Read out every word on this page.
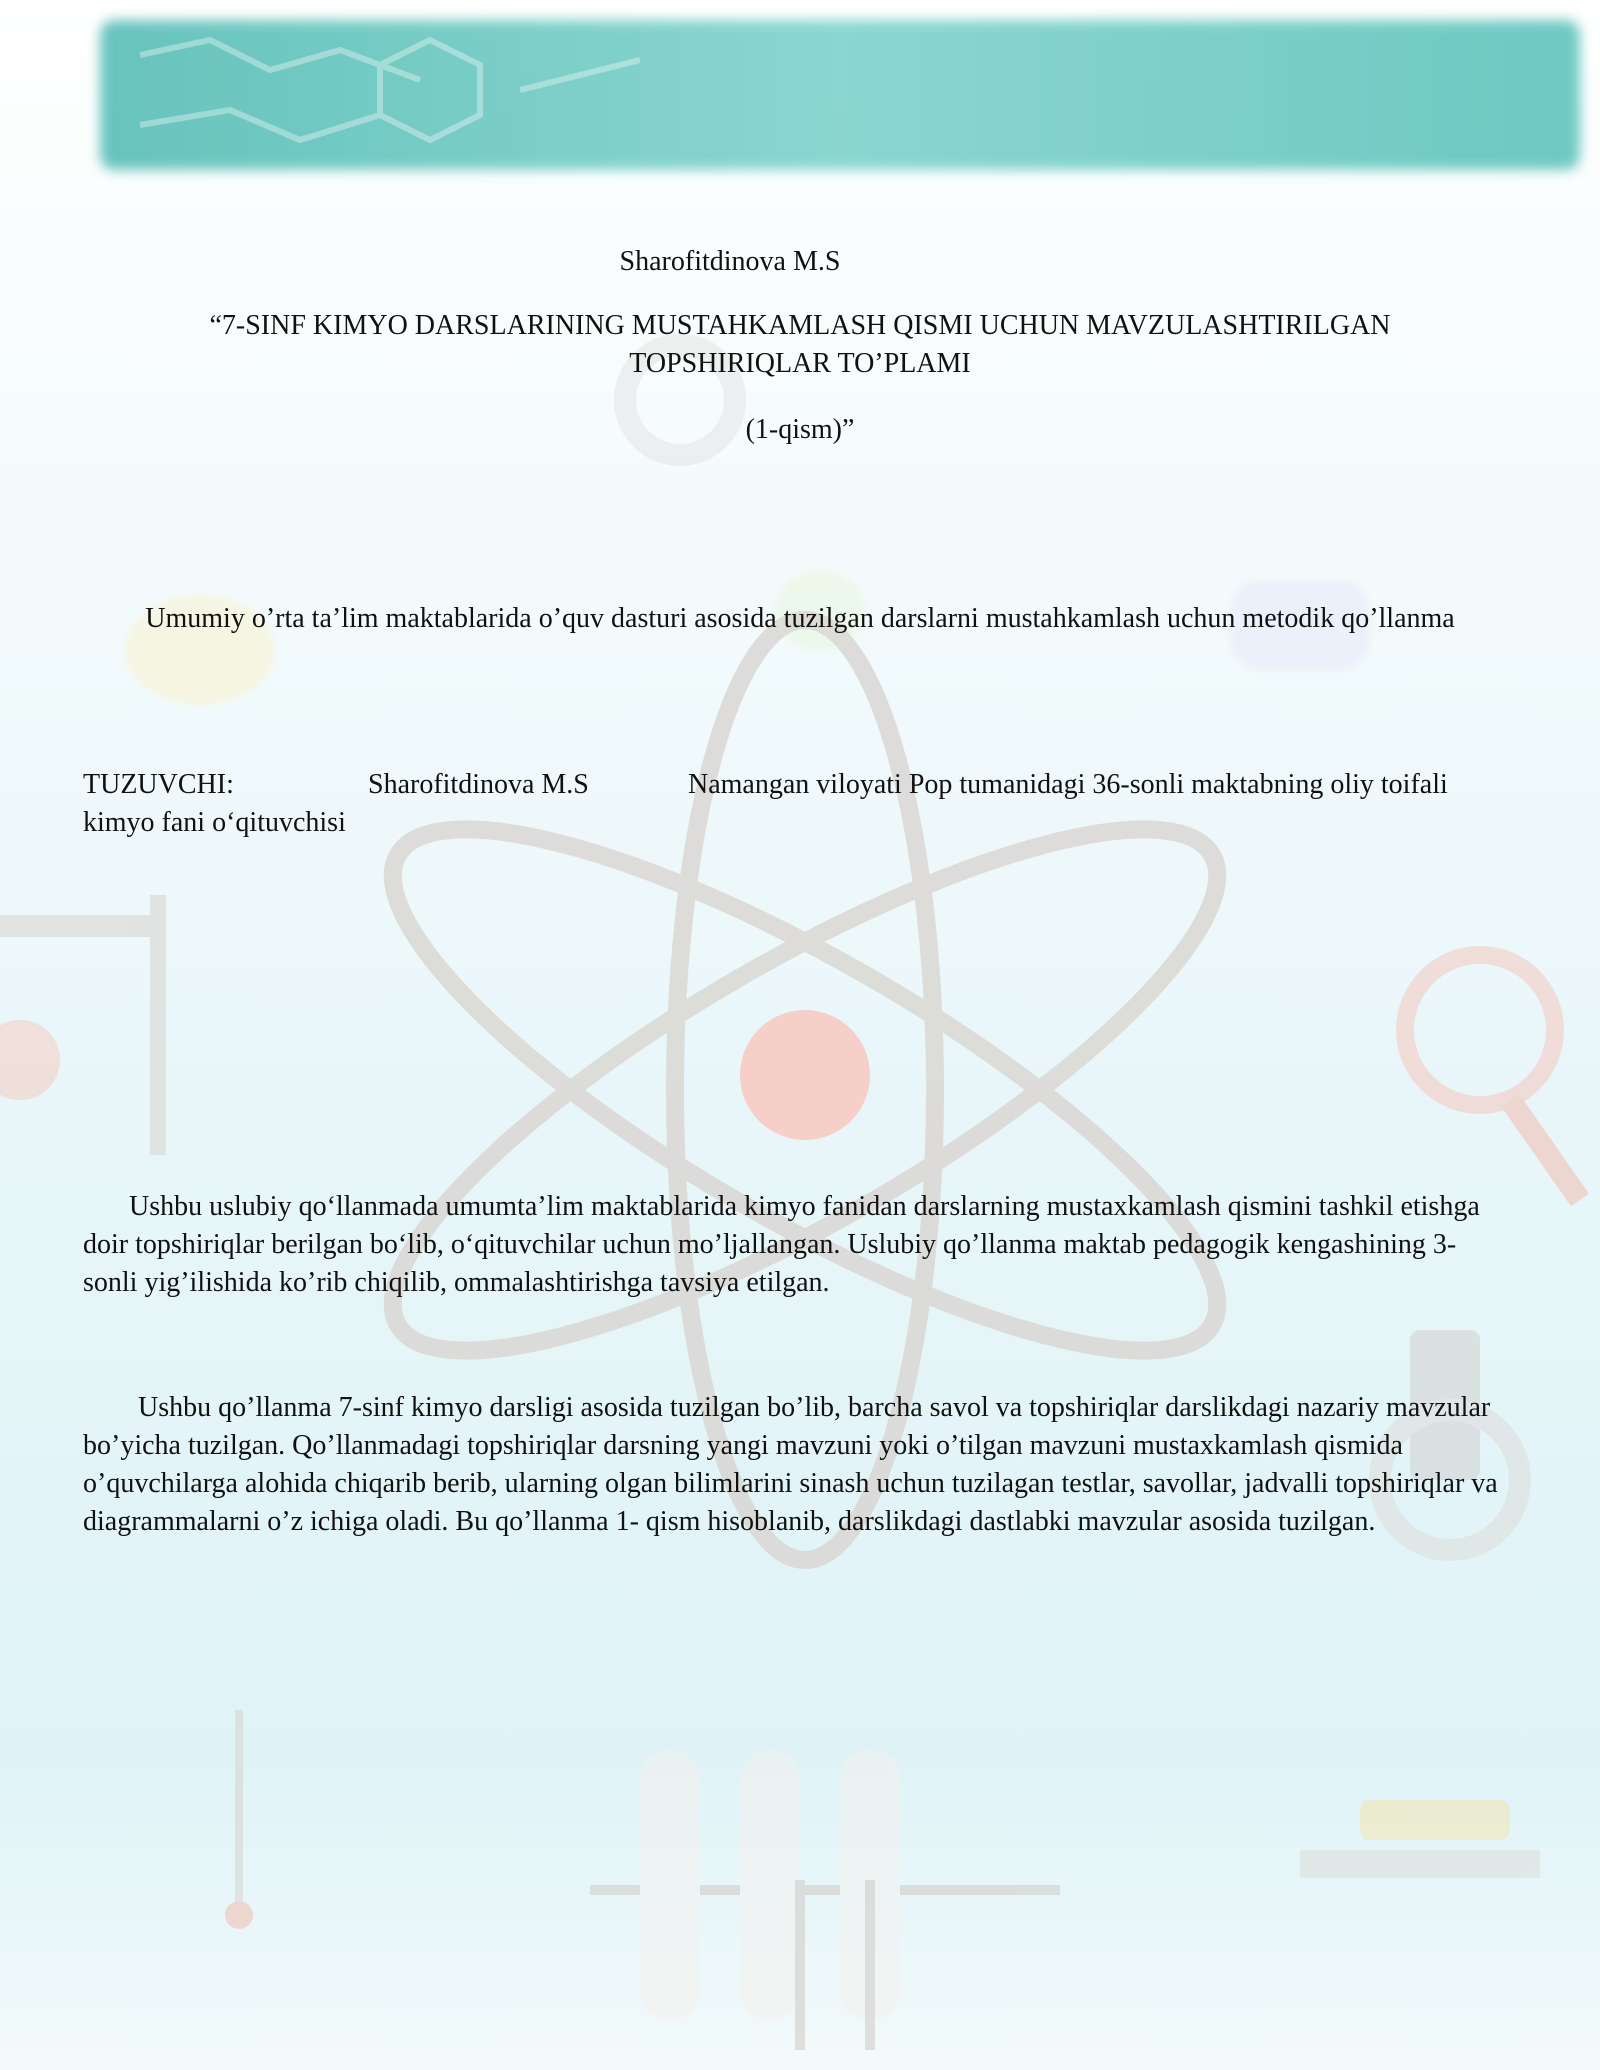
Sharofitdinova M.S
“7-SINF KIMYO DARSLARINING MUSTAHKAMLASH QISMI UCHUN MAVZULASHTIRILGAN TOPSHIRIQLAR TO’PLAMI
(1-qism)”
Umumiy o’rta ta’lim maktablarida o’quv dasturi asosida tuzilgan darslarni mustahkamlash uchun metodik qo’llanma
TUZUVCHI:	Sharofitdinova M.S	Namangan viloyati Pop tumanidagi 36-sonli maktabning oliy toifali kimyo fani o‘qituvchisi
Ushbu uslubiy qo‘llanmada umumta’lim maktablarida kimyo fanidan darslarning mustaxkamlash qismini tashkil etishga doir topshiriqlar berilgan bo‘lib, o‘qituvchilar uchun mo’ljallangan. Uslubiy qo’llanma maktab pedagogik kengashining 3-sonli yig’ilishida ko’rib chiqilib, ommalashtirishga tavsiya etilgan.
Ushbu qo’llanma 7-sinf kimyo darsligi asosida tuzilgan bo’lib, barcha savol va topshiriqlar darslikdagi nazariy mavzular bo’yicha tuzilgan. Qo’llanmadagi topshiriqlar darsning yangi mavzuni yoki o’tilgan mavzuni mustaxkamlash qismida o’quvchilarga alohida chiqarib berib, ularning olgan bilimlarini sinash uchun tuzilagan testlar, savollar, jadvalli topshiriqlar va diagrammalarni o’z ichiga oladi. Bu qo’llanma 1- qism hisoblanib, darslikdagi dastlabki mavzular asosida tuzilgan.
